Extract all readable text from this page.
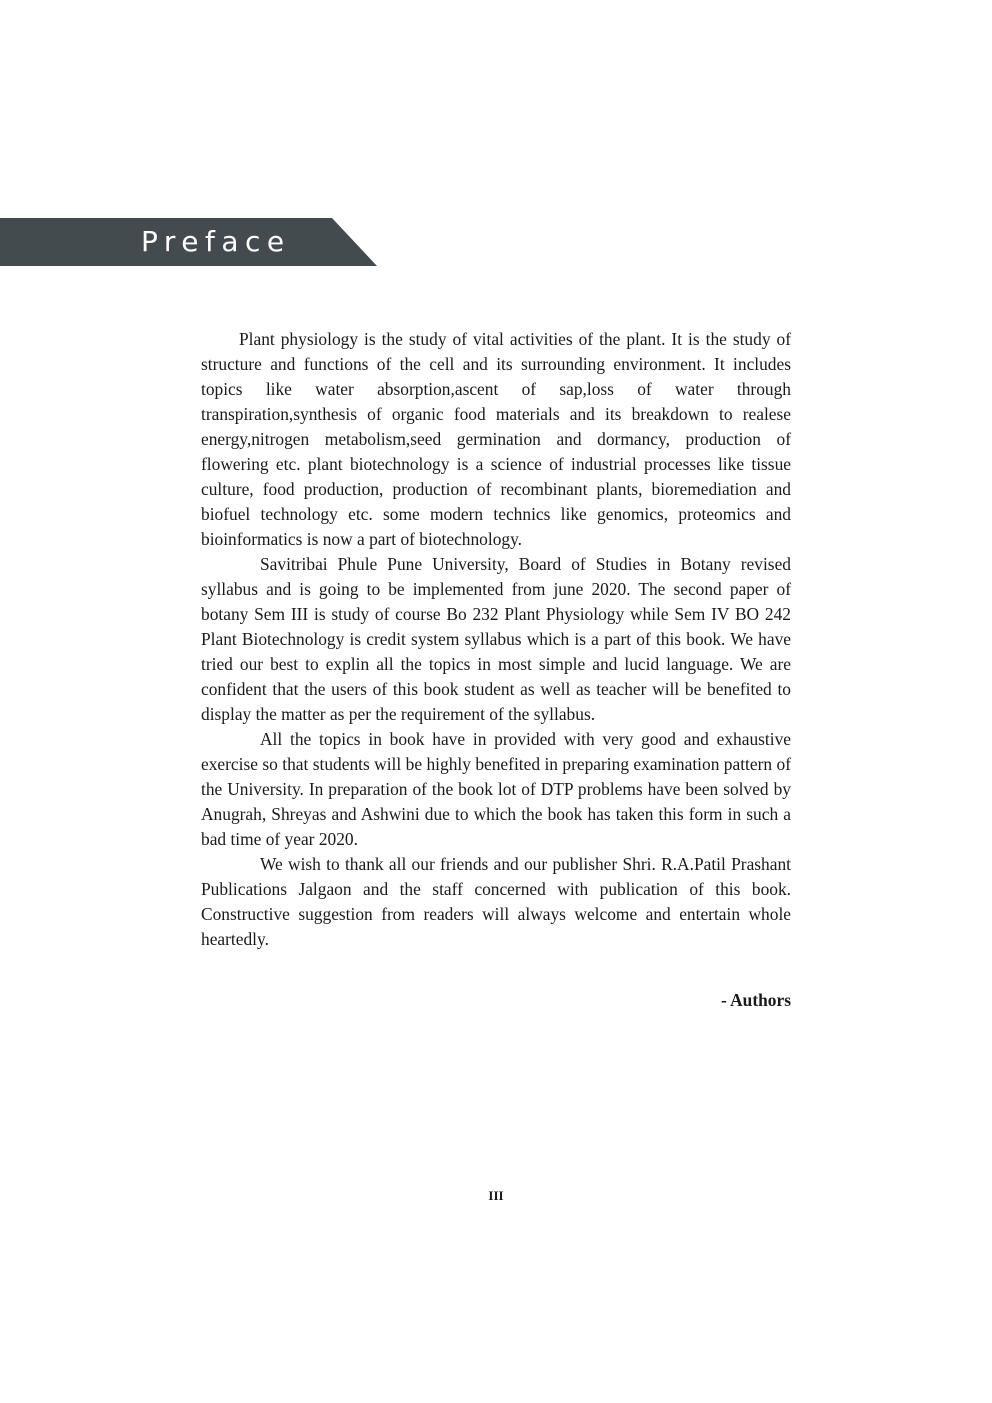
Preface

Plant physiology is the study of vital activities of the plant. It is the study of structure and functions of the cell and its surrounding environment. It includes topics like water absorption,ascent of sap,loss of water through transpiration,synthesis of organic food materials and its breakdown to realese energy,nitrogen metabolism,seed germination and dormancy, production of flowering etc. plant biotechnology is a science of industrial processes like tissue culture, food production, production of recombinant plants, bioremediation and biofuel technology etc. some modern technics like genomics, proteomics and bioinformatics is now a part of biotechnology.

Savitribai Phule Pune University, Board of Studies in Botany revised syllabus and is going to be implemented from june 2020. The second paper of botany Sem III is study of course Bo 232 Plant Physiology while Sem IV BO 242 Plant Biotechnology is credit system syllabus which is a part of this book. We have tried our best to explin all the topics in most simple and lucid language. We are confident that the users of this book student as well as teacher will be benefited to display the matter as per the requirement of the syllabus.

All the topics in book have in provided with very good and exhaustive exercise so that students will be highly benefited in preparing examination pattern of the University. In preparation of the book lot of DTP problems have been solved by Anugrah, Shreyas and Ashwini due to which the book has taken this form in such a bad time of year 2020.

We wish to thank all our friends and our publisher Shri. R.A.Patil Prashant Publications Jalgaon and the staff concerned with publication of this book. Constructive suggestion from readers will always welcome and entertain whole heartedly.

- Authors
III
